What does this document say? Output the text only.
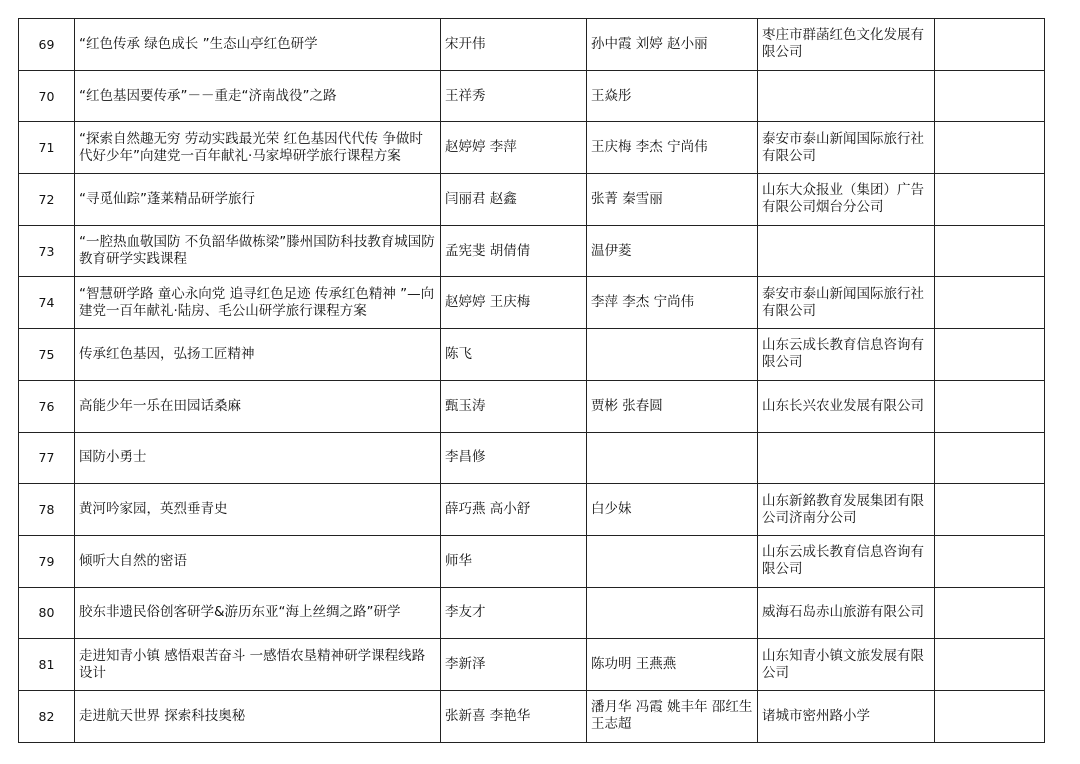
69	“红色传承 绿色成长 ”生态山亭红色研学	宋开伟	孙中霞 刘婷 赵小丽	枣庄市群菡红色文化发展有限公司	
70	“红色基因要传承”－－重走“济南战役”之路	王祥秀	王焱彤		
71	“探索自然趣无穷 劳动实践最光荣 红色基因代代传 争做时代好少年”向建党一百年献礼·马家埠研学旅行课程方案	赵婷婷 李萍	王庆梅 李杰 宁尚伟	泰安市泰山新闻国际旅行社有限公司	
72	“寻觅仙踪”蓬莱精品研学旅行	闫丽君 赵鑫	张菁 秦雪丽	山东大众报业（集团）广告有限公司烟台分公司	
73	“一腔热血敬国防 不负韶华做栋梁”滕州国防科技教育城国防教育研学实践课程	孟宪斐 胡倩倩	温伊菱		
74	“智慧研学路 童心永向党 追寻红色足迹 传承红色精神 ”—向建党一百年献礼·陆房、毛公山研学旅行课程方案	赵婷婷 王庆梅	李萍 李杰 宁尚伟	泰安市泰山新闻国际旅行社有限公司	
75	传承红色基因，弘扬工匠精神	陈飞		山东云成长教育信息咨询有限公司	
76	高能少年一乐在田园话桑麻	甄玉涛	贾彬 张春圆	山东长兴农业发展有限公司	
77	国防小勇士	李昌修			
78	黄河吟家园，英烈垂青史	薛巧燕 高小舒	白少妹	山东新銘教育发展集团有限公司济南分公司	
79	倾听大自然的密语	师华		山东云成长教育信息咨询有限公司	
80	胶东非遗民俗创客研学&游历东亚“海上丝绸之路”研学	李友才		威海石岛赤山旅游有限公司	
81	走进知青小镇 感悟艰苦奋斗 一感悟农垦精神研学课程线路设计	李新泽	陈功明 王燕燕	山东知青小镇文旅发展有限公司	
82	走进航天世界 探索科技奥秘	张新喜 李艳华	潘月华 冯霞 姚丰年 邵红生 王志超	诸城市密州路小学	
